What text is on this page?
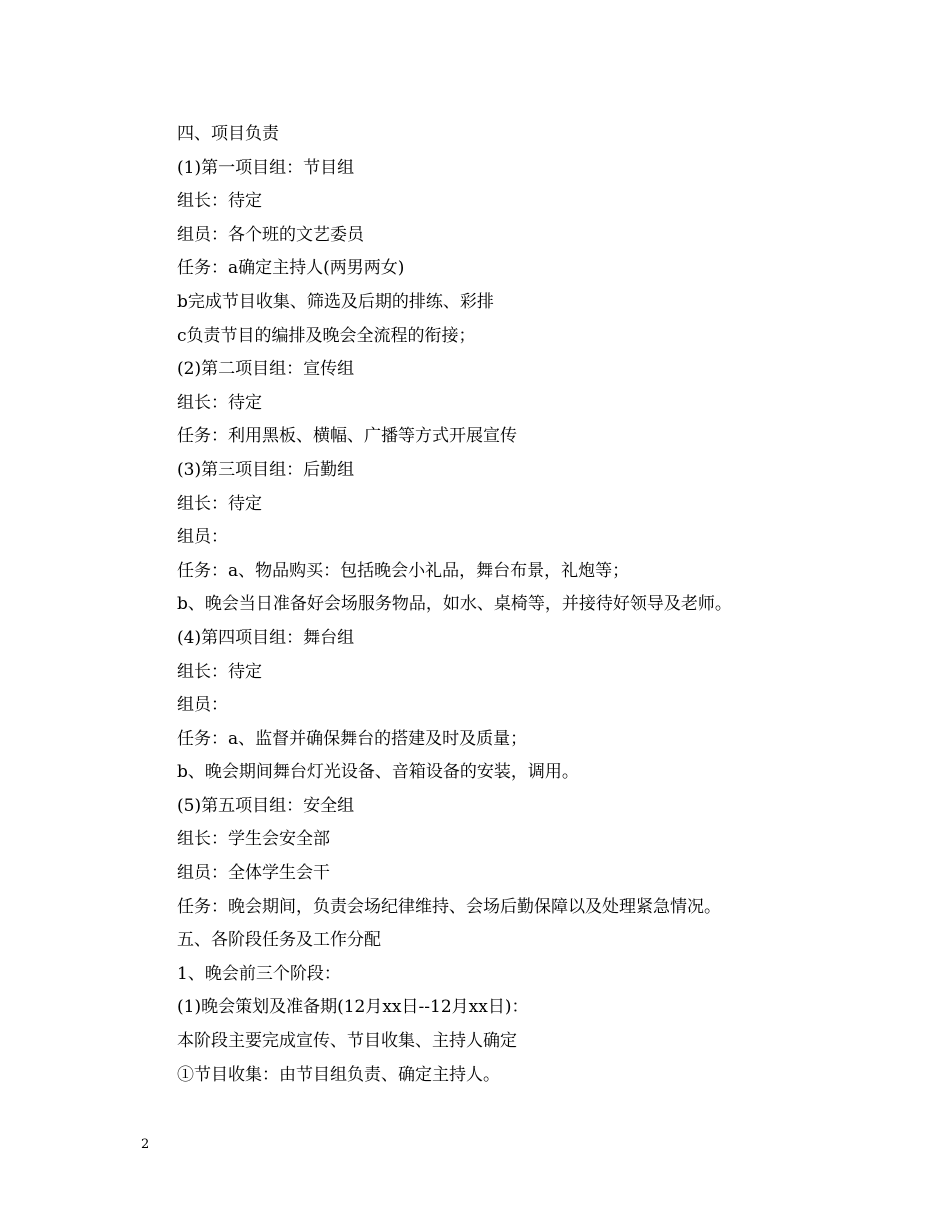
四、项目负责
(1)第一项目组：节目组
组长：待定
组员：各个班的文艺委员
任务：a确定主持人(两男两女)
b完成节目收集、筛选及后期的排练、彩排
c负责节目的编排及晚会全流程的衔接；
(2)第二项目组：宣传组
组长：待定
任务：利用黑板、横幅、广播等方式开展宣传
(3)第三项目组：后勤组
组长：待定
组员：
任务：a、物品购买：包括晚会小礼品，舞台布景，礼炮等；
b、晚会当日准备好会场服务物品，如水、桌椅等，并接待好领导及老师。
(4)第四项目组：舞台组
组长：待定
组员：
任务：a、监督并确保舞台的搭建及时及质量；
b、晚会期间舞台灯光设备、音箱设备的安装，调用。
(5)第五项目组：安全组
组长：学生会安全部
组员：全体学生会干
任务：晚会期间，负责会场纪律维持、会场后勤保障以及处理紧急情况。
五、各阶段任务及工作分配
1、晚会前三个阶段：
(1)晚会策划及准备期(12月xx日--12月xx日)：
本阶段主要完成宣传、节目收集、主持人确定
①节目收集：由节目组负责、确定主持人。
2
